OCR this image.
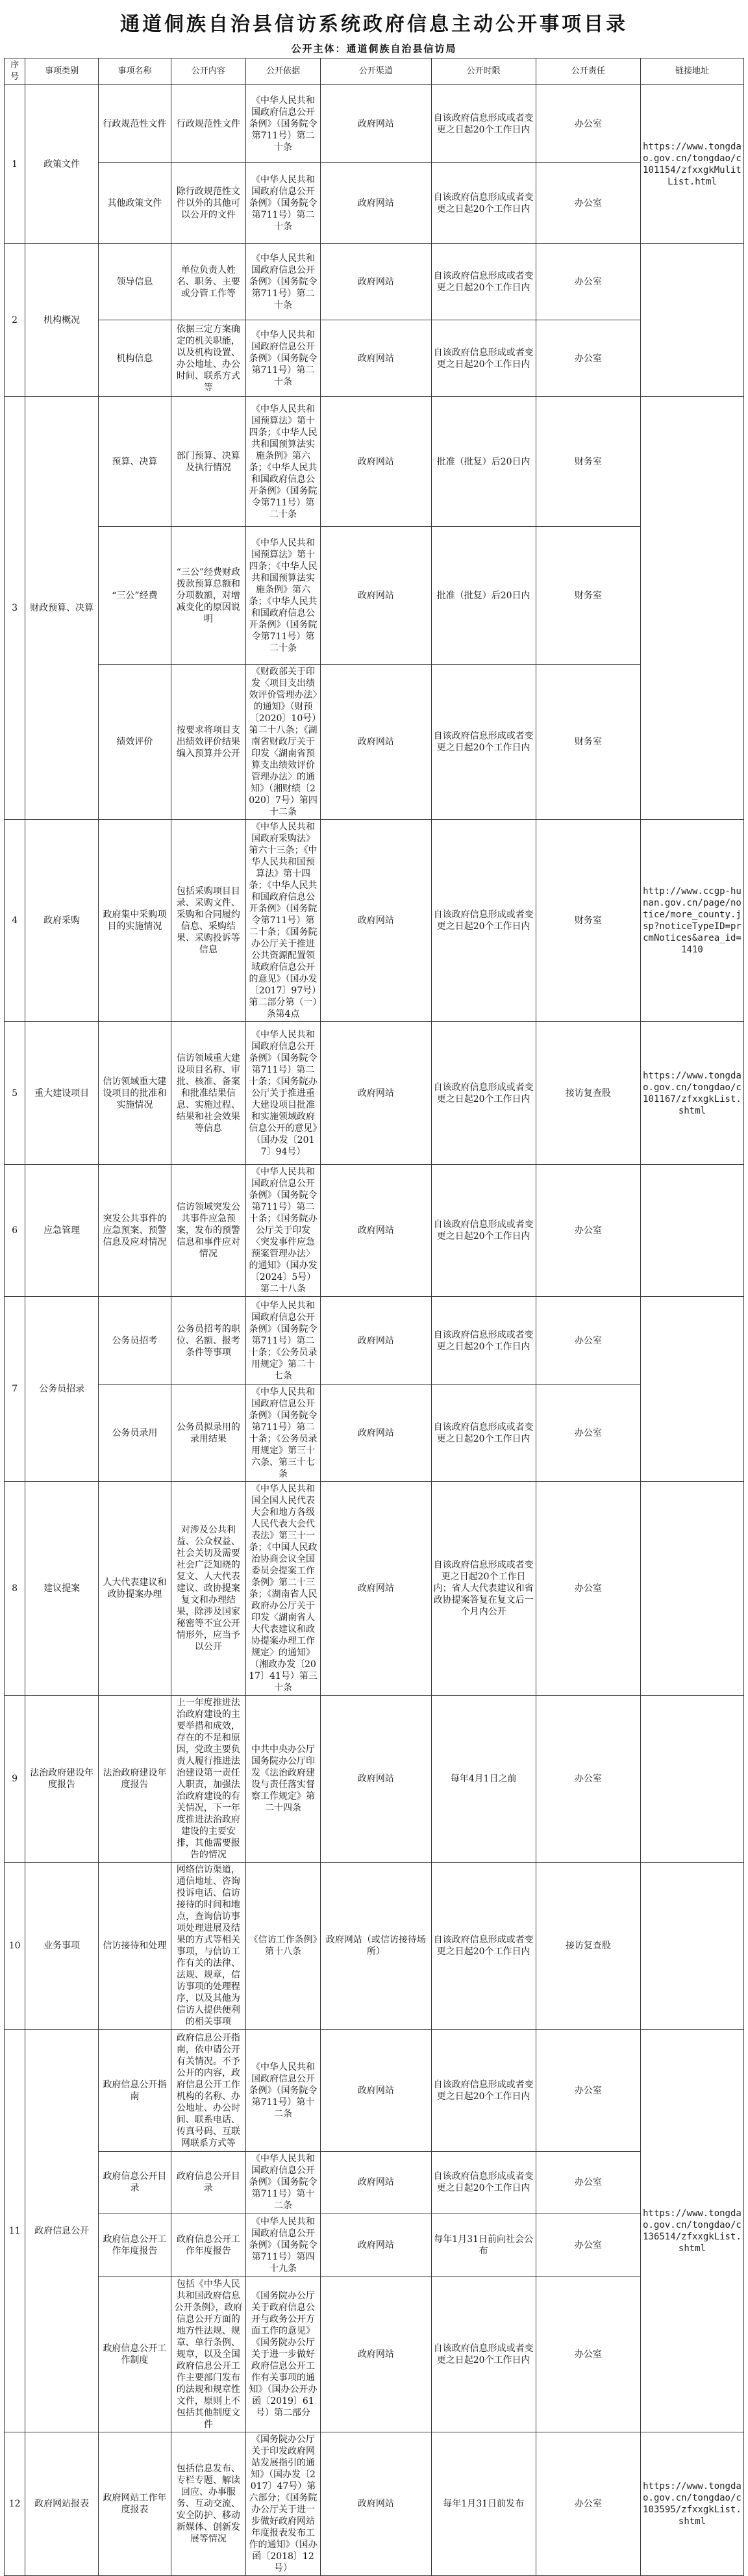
通道侗族自治县信访系统政府信息主动公开事项目录
公开主体：通道侗族自治县信访局
序号	事项类别	事项名称	公开内容	公开依据	公开渠道	公开时限	公开责任	链接地址
1	政策文件	行政规范性文件	行政规范性文件	《中华人民共和国政府信息公开条例》（国务院令第711号）第二十条	政府网站	自该政府信息形成或者变更之日起20个工作日内	办公室	https://www.tongdao.gov.cn/tongdao/c101154/zfxxgkMulitList.html
		其他政策文件	除行政规范性文件以外的其他可以公开的文件	《中华人民共和国政府信息公开条例》（国务院令第711号）第二十条	政府网站	自该政府信息形成或者变更之日起20个工作日内	办公室	
2	机构概况	领导信息	单位负责人姓名、职务、主要或分管工作等	《中华人民共和国政府信息公开条例》（国务院令第711号）第二十条	政府网站	自该政府信息形成或者变更之日起20个工作日内	办公室	
		机构信息	依据三定方案确定的机关职能，以及机构设置、办公地址、办公时间、联系方式等	《中华人民共和国政府信息公开条例》（国务院令第711号）第二十条	政府网站	自该政府信息形成或者变更之日起20个工作日内	办公室	
3	财政预算、决算	预算、决算	部门预算、决算及执行情况	《中华人民共和国预算法》第十四条；《中华人民共和国预算法实施条例》第六条；《中华人民共和国政府信息公开条例》（国务院令第711号）第二十条	政府网站	批准（批复）后20日内	财务室	
		“三公”经费	“三公”经费财政拨款预算总额和分项数额，对增减变化的原因说明	《中华人民共和国预算法》第十四条；《中华人民共和国预算法实施条例》第六条；《中华人民共和国政府信息公开条例》（国务院令第711号）第二十条	政府网站	批准（批复）后20日内	财务室	
		绩效评价	按要求将项目支出绩效评价结果编入预算并公开	《财政部关于印发〈项目支出绩效评价管理办法〉的通知》（财预〔2020〕10号）第二十八条；《湖南省财政厅关于印发〈湖南省预算支出绩效评价管理办法〉的通知》（湘财绩〔2020〕7号）第四十二条	政府网站	自该政府信息形成或者变更之日起20个工作日内	财务室	
4	政府采购	政府集中采购项目的实施情况	包括采购项目目录、采购文件、采购和合同履约信息、采购结果、采购投诉等信息	《中华人民共和国政府采购法》第六十三条；《中华人民共和国预算法》第十四条；《中华人民共和国政府信息公开条例》（国务院令第711号）第二十条；《国务院办公厅关于推进公共资源配置领域政府信息公开的意见》（国办发〔2017〕97号）第二部分第（一）条第4点	政府网站	自该政府信息形成或者变更之日起20个工作日内	财务室	http://www.ccgp-hunan.gov.cn/page/notice/more_county.jsp?noticeTypeID=prcmNotices&area_id=1410
5	重大建设项目	信访领域重大建设项目的批准和实施情况	信访领域重大建设项目名称、审批、核准、备案和批准结果信息、实施过程、结果和社会效果等信息	《中华人民共和国政府信息公开条例》（国务院令第711号）第二十条；《国务院办公厅关于推进重大建设项目批准和实施领域政府信息公开的意见》（国办发〔2017〕94号）	政府网站	自该政府信息形成或者变更之日起20个工作日内	接访复查股	https://www.tongdao.gov.cn/tongdao/c101167/zfxxgkList.shtml
6	应急管理	突发公共事件的应急预案、预警信息及应对情况	信访领域突发公共事件应急预案，发布的预警信息和事件应对情况	《中华人民共和国政府信息公开条例》（国务院令第711号）第二十条；《国务院办公厅关于印发〈突发事件应急预案管理办法〉的通知》（国办发〔2024〕5号）第二十八条	政府网站	自该政府信息形成或者变更之日起20个工作日内	办公室	
7	公务员招录	公务员招考	公务员招考的职位、名额、报考条件等事项	《中华人民共和国政府信息公开条例》（国务院令第711号）第二十条；《公务员录用规定》第二十七条	政府网站	自该政府信息形成或者变更之日起20个工作日内	办公室	
		公务员录用	公务员拟录用的录用结果	《中华人民共和国政府信息公开条例》（国务院令第711号）第二十条；《公务员录用规定》第三十六条、第三十七条	政府网站	自该政府信息形成或者变更之日起20个工作日内	办公室	
8	建议提案	人大代表建议和政协提案办理	对涉及公共利益、公众权益、社会关切及需要社会广泛知晓的复文、人大代表建议、政协提案复文和办理结果，除涉及国家秘密等不宜公开情形外，应当予以公开	《中华人民共和国全国人民代表大会和地方各级人民代表大会代表法》第三十一条；《中国人民政治协商会议全国委员会提案工作条例》第二十三条；《湖南省人民政府办公厅关于印发〈湖南省人大代表建议和政协提案办理工作规定〉的通知》（湘政办发〔2017〕41号）第三十条	政府网站	自该政府信息形成或者变更之日起20个工作日内；省人大代表建议和省政协提案答复在复文后一个月内公开	办公室	
9	法治政府建设年度报告	法治政府建设年度报告	上一年度推进法治政府建设的主要举措和成效，存在的不足和原因，党政主要负责人履行推进法治建设第一责任人职责，加强法治政府建设的有关情况，下一年度推进法治政府建设的主要安排，其他需要报告的情况	中共中央办公厅 国务院办公厅印发《法治政府建设与责任落实督察工作规定》第二十四条	政府网站	每年4月1日之前	办公室	
10	业务事项	信访接待和处理	网络信访渠道，通信地址、咨询投诉电话、信访接待的时间和地点，查询信访事项处理进展及结果的方式等相关事项，与信访工作有关的法律、法规、规章，信访事项的处理程序，以及其他为信访人提供便利的相关事项	《信访工作条例》第十八条	政府网站（或信访接待场所）	自该政府信息形成或者变更之日起20个工作日内	接访复查股	
11	政府信息公开	政府信息公开指南	政府信息公开指南，依申请公开有关情况。不予公开的内容，政府信息公开工作机构的名称、办公地址、办公时间、联系电话、传真号码、互联网联系方式等	《中华人民共和国政府信息公开条例》（国务院令第711号）第十二条	政府网站	自该政府信息形成或者变更之日起20个工作日内	办公室	https://www.tongdao.gov.cn/tongdao/c136514/zfxxgkList.shtml
		政府信息公开目录	政府信息公开目录	《中华人民共和国政府信息公开条例》（国务院令第711号）第十二条	政府网站	自该政府信息形成或者变更之日起20个工作日内	办公室	
		政府信息公开工作年度报告	政府信息公开工作年度报告	《中华人民共和国政府信息公开条例》（国务院令第711号）第四十九条	政府网站	每年1月31日前向社会公布	办公室	
		政府信息公开工作制度	包括《中华人民共和国政府信息公开条例》，政府信息公开方面的地方性法规、规章、单行条例、规章，以及全国政府信息公开工作主要部门发布的法规和规章性文件，原则上不包括其他制度文件	《国务院办公厅关于政府信息公开与政务公开方面工作的意见》《国务院办公厅关于进一步做好政府信息公开工作有关事项的通知》（国办公开办函〔2019〕61号）第二部分	政府网站	自该政府信息形成或者变更之日起20个工作日内	办公室	
12	政府网站报表	政府网站工作年度报表	包括信息发布、专栏专题、解读回应、办事服务、互动交流、安全防护、移动新媒体、创新发展等情况	《国务院办公厅关于印发政府网站发展指引的通知》（国办发〔2017〕47号）第六部分；《国务院办公厅关于进一步做好政府网站年度报表发布工作的通知》（国办函〔2018〕12号）	政府网站	每年1月31日前发布	办公室	https://www.tongdao.gov.cn/tongdao/c103595/zfxxgkList.shtml
